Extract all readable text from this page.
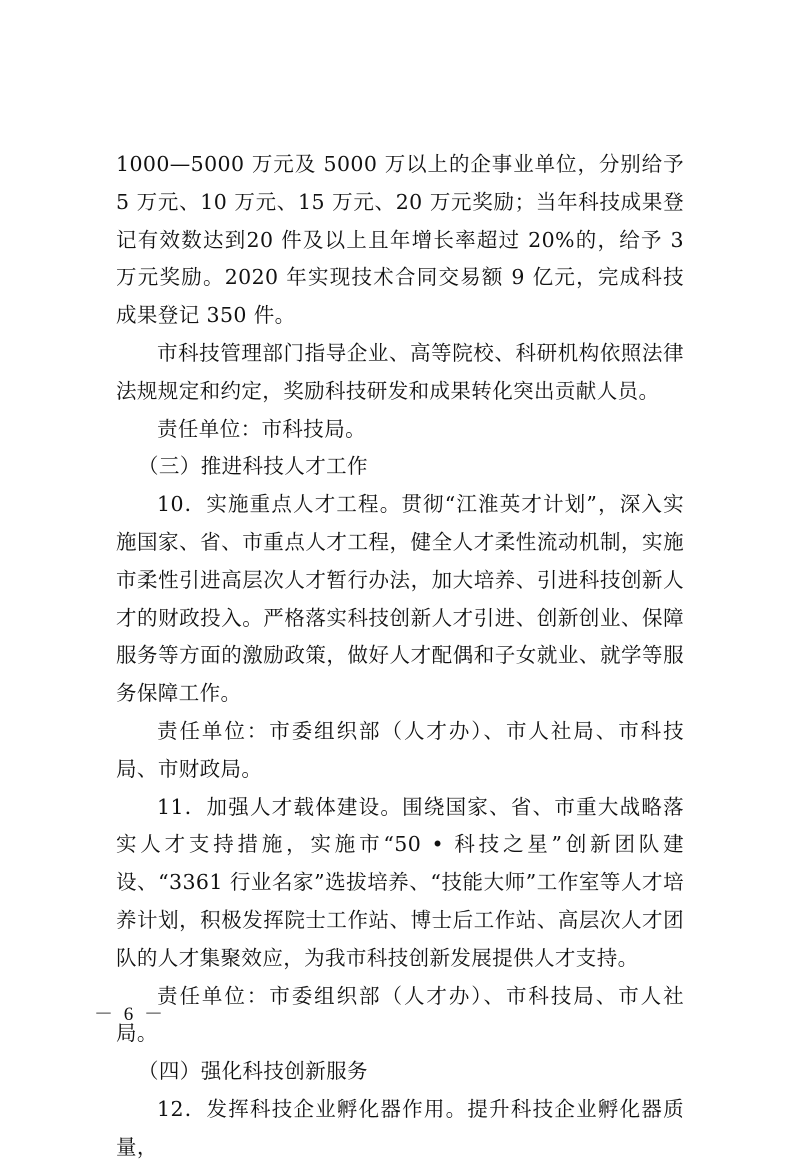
1000—5000 万元及 5000 万以上的企事业单位，分别给予 5 万元、10 万元、15 万元、20 万元奖励；当年科技成果登记有效数达到20 件及以上且年增长率超过 20%的，给予 3 万元奖励。2020 年实现技术合同交易额 9 亿元，完成科技成果登记 350 件。
市科技管理部门指导企业、高等院校、科研机构依照法律法规规定和约定，奖励科技研发和成果转化突出贡献人员。
责任单位：市科技局。
（三）推进科技人才工作
10．实施重点人才工程。贯彻“江淮英才计划”，深入实施国家、省、市重点人才工程，健全人才柔性流动机制，实施市柔性引进高层次人才暂行办法，加大培养、引进科技创新人才的财政投入。严格落实科技创新人才引进、创新创业、保障服务等方面的激励政策，做好人才配偶和子女就业、就学等服务保障工作。
责任单位：市委组织部（人才办）、市人社局、市科技局、市财政局。
11．加强人才载体建设。围绕国家、省、市重大战略落实人才支持措施，实施市“50 • 科技之星”创新团队建设、“3361 行业名家”选拔培养、“技能大师”工作室等人才培养计划，积极发挥院士工作站、博士后工作站、高层次人才团队的人才集聚效应，为我市科技创新发展提供人才支持。
责任单位：市委组织部（人才办）、市科技局、市人社局。
（四）强化科技创新服务
12．发挥科技企业孵化器作用。提升科技企业孵化器质量，
－ 6 －
